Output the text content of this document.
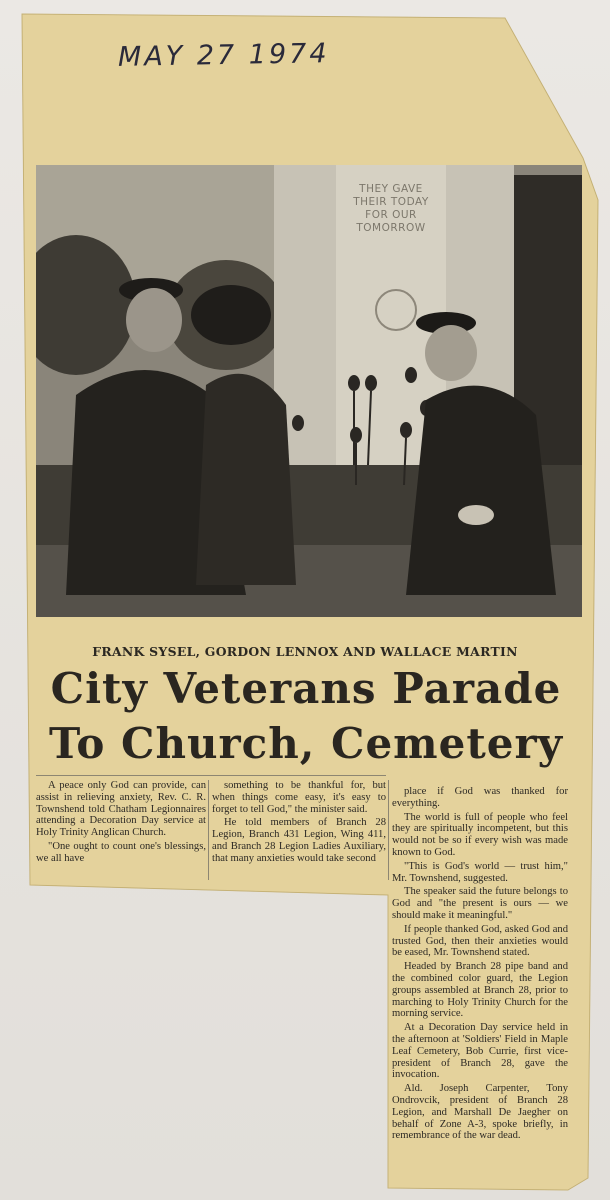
MAY 27 1974
THEY GAVE
THEIR TODAY
FOR OUR
TOMORROW
FRANK SYSEL, GORDON LENNOX AND WALLACE MARTIN
City Veterans Parade
To Church, Cemetery

A peace only God can provide, can assist in relieving anxiety, Rev. C. R. Townshend told Chatham Legionnaires attending a Decoration Day service at Holy Trinity Anglican Church.

"One ought to count one's blessings, we all have

something to be thankful for, but when things come easy, it's easy to forget to tell God," the minister said.

He told members of Branch 28 Legion, Branch 431 Legion, Wing 411, and Branch 28 Legion Ladies Auxiliary, that many anxieties would take second

place if God was thanked for everything.

The world is full of people who feel they are spiritually incompetent, but this would not be so if every wish was made known to God.

"This is God's world — trust him," Mr. Townshend, suggested.

The speaker said the future belongs to God and "the present is ours — we should make it meaningful."

If people thanked God, asked God and trusted God, then their anxieties would be eased, Mr. Townshend stated.

Headed by Branch 28 pipe band and the combined color guard, the Legion groups assembled at Branch 28, prior to marching to Holy Trinity Church for the morning service.

At a Decoration Day service held in the afternoon at 'Soldiers' Field in Maple Leaf Cemetery, Bob Currie, first vice-president of Branch 28, gave the invocation.

Ald. Joseph Carpenter, Tony Ondrovcik, president of Branch 28 Legion, and Marshall De Jaegher on behalf of Zone A-3, spoke briefly, in remembrance of the war dead.
